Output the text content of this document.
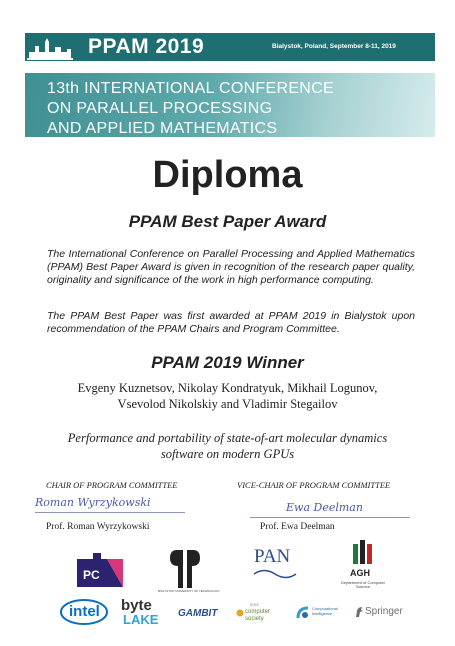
PPAM 2019	Bialystok, Poland, September 8-11, 2019
13th INTERNATIONAL CONFERENCE
ON PARALLEL PROCESSING
AND APPLIED MATHEMATICS
Diploma
PPAM Best Paper Award
The International Conference on Parallel Processing and Applied Mathematics (PPAM) Best Paper Award is given in recognition of the research paper quality, originality and significance of the work in high performance computing.
The PPAM Best Paper was first awarded at PPAM 2019 in Bialystok upon recommendation of the PPAM Chairs and Program Committee.
PPAM 2019 Winner
Evgeny Kuznetsov, Nikolay Kondratyuk, Mikhail Logunov,
Vsevolod Nikolskiy and Vladimir Stegailov
Performance and portability of state-of-art molecular dynamics
software on modern GPUs
CHAIR OF PROGRAM COMMITTEE	VICE-CHAIR OF PROGRAM COMMITTEE
Roman Wyrzykowski	Ewa Deelman
Prof. Roman Wyrzykowski	Prof. Ewa Deelman
PC
BIALYSTOK UNIVERSITY OF TECHNOLOGY
PAN
AGH
Department of Computer Science
intel byte
LAKE GAMBIT
IEEE
computer society
Computational Intelligence	Springer
